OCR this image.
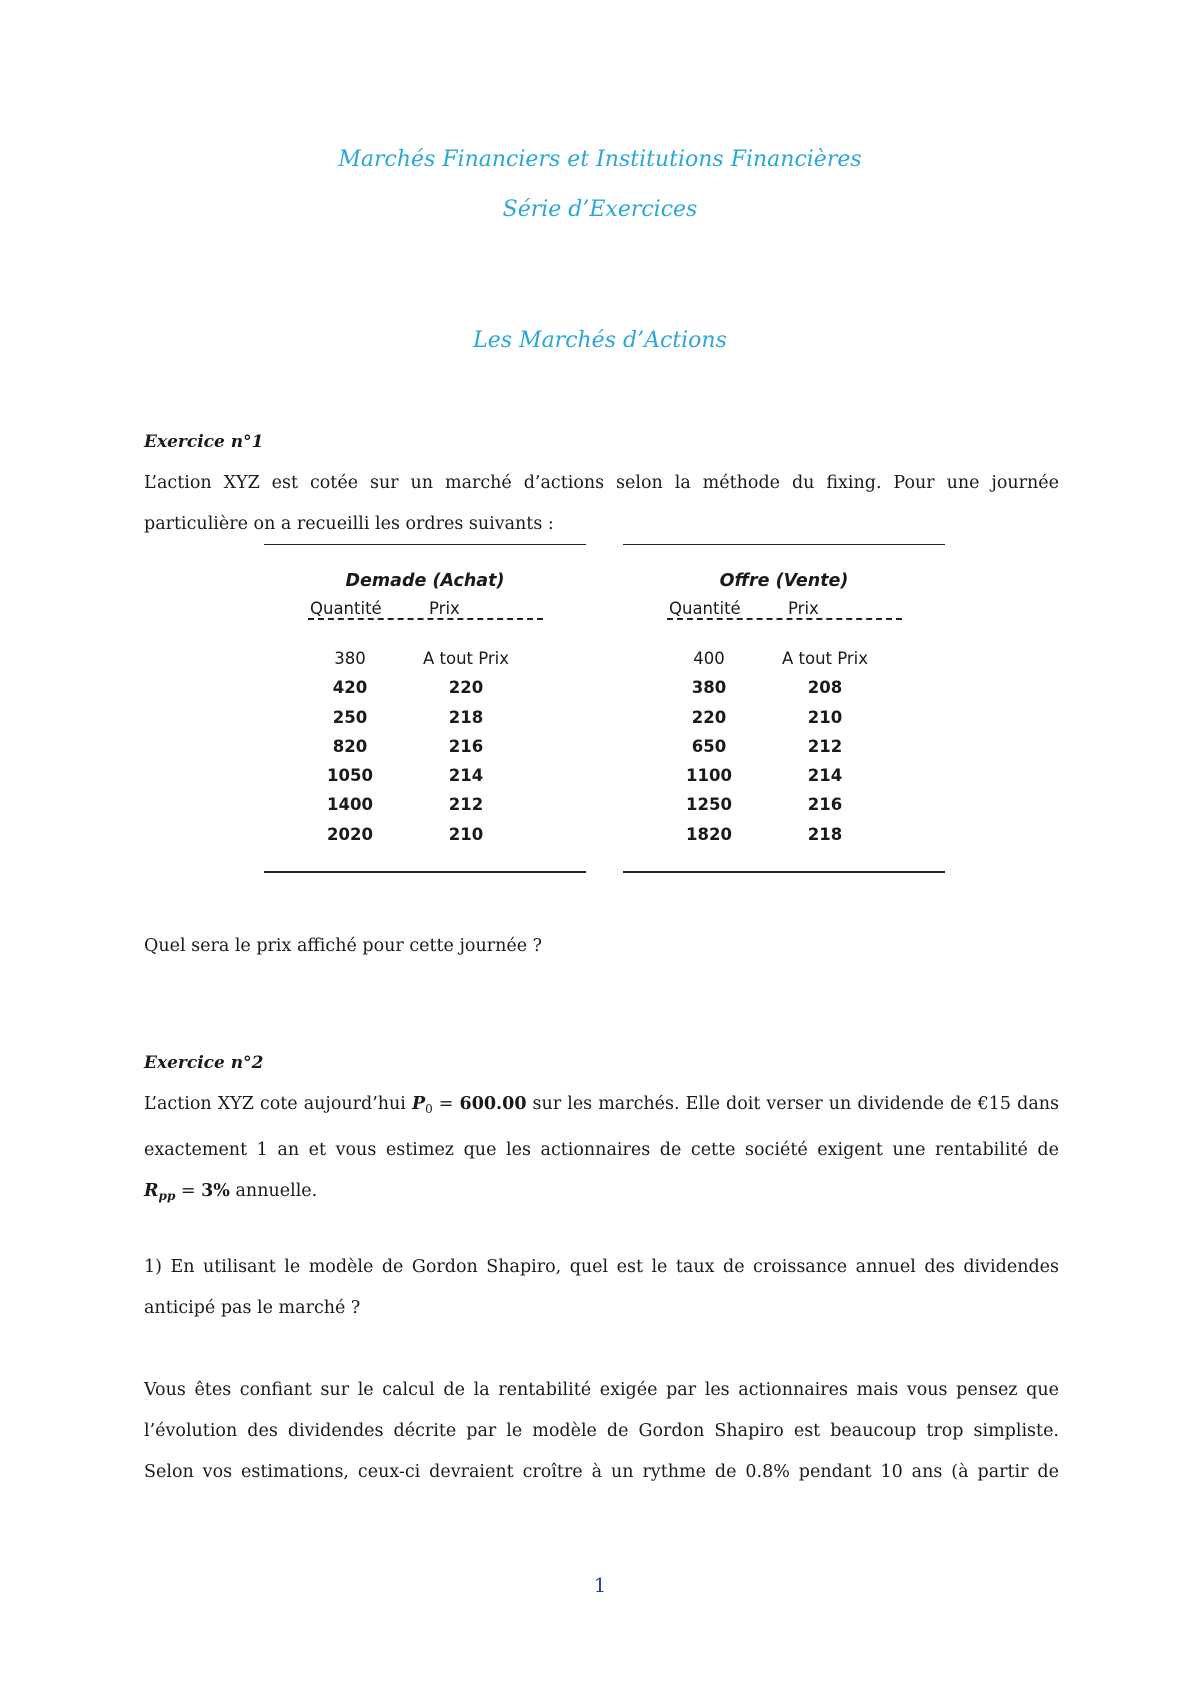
Marchés Financiers et Institutions Financières
Série d’Exercices
Les Marchés d’Actions
Exercice n°1
L’action XYZ est cotée sur un marché d’actions selon la méthode du fixing. Pour une journée
particulière on a recueilli les ordres suivants :
Demade (Achat)
Quantité	Prix
380	A tout Prix
420	220
250	218
820	216
1050	214
1400	212
2020	210
Offre (Vente)
Quantité	Prix
400	A tout Prix
380	208
220	210
650	212
1100	214
1250	216
1820	218
Quel sera le prix affiché pour cette journée ?
Exercice n°2
L’action XYZ cote aujourd’hui $P_0 = 600.00$ sur les marchés. Elle doit verser un dividende de €15 dans
exactement 1 an et vous estimez que les actionnaires de cette société exigent une rentabilité de
$R_{pp} = 3\%$ annuelle.
1) En utilisant le modèle de Gordon Shapiro, quel est le taux de croissance annuel des dividendes
anticipé pas le marché ?
Vous êtes confiant sur le calcul de la rentabilité exigée par les actionnaires mais vous pensez que
l’évolution des dividendes décrite par le modèle de Gordon Shapiro est beaucoup trop simpliste.
Selon vos estimations, ceux-ci devraient croître à un rythme de 0.8% pendant 10 ans (à partir de
1
